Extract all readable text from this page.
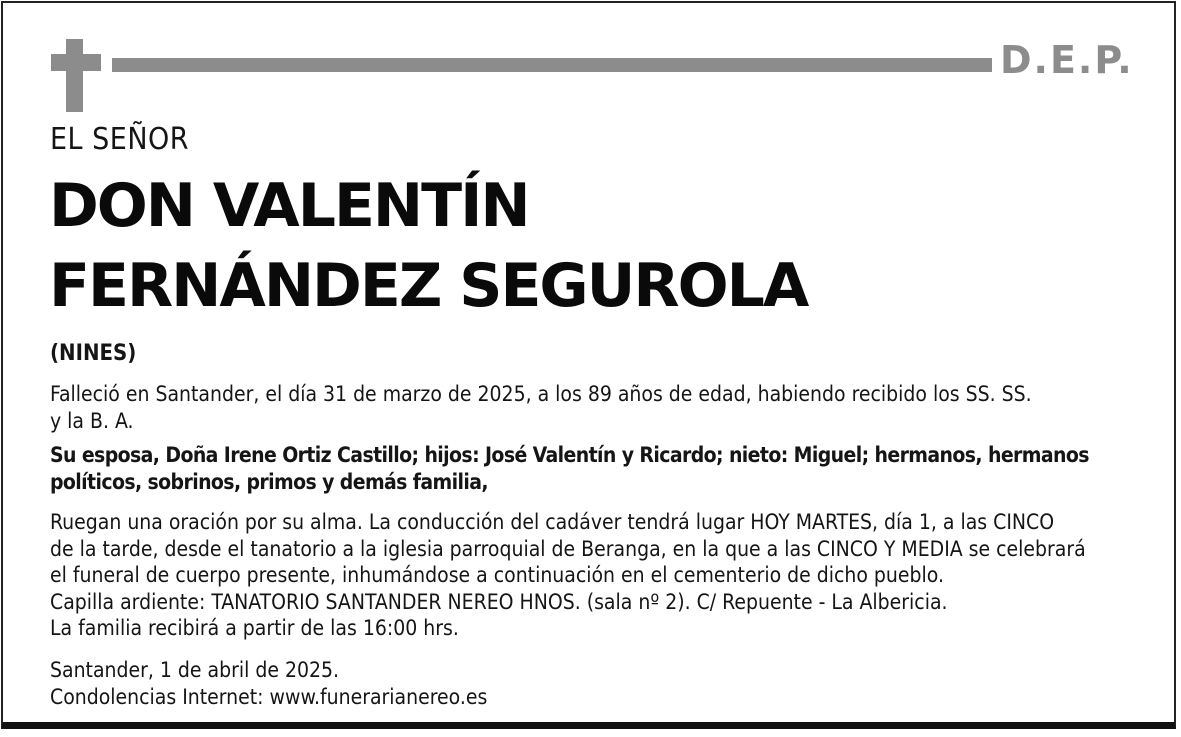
D.E.P.
EL SEÑOR
DON VALENTÍN
FERNÁNDEZ SEGUROLA
(NINES)
Falleció en Santander, el día 31 de marzo de 2025, a los 89 años de edad, habiendo recibido los SS. SS.
y la B. A.
Su esposa, Doña Irene Ortiz Castillo; hijos: José Valentín y Ricardo; nieto: Miguel; hermanos, hermanos
políticos, sobrinos, primos y demás familia,
Ruegan una oración por su alma. La conducción del cadáver tendrá lugar HOY MARTES, día 1, a las CINCO
de la tarde, desde el tanatorio a la iglesia parroquial de Beranga, en la que a las CINCO Y MEDIA se celebrará
el funeral de cuerpo presente, inhumándose a continuación en el cementerio de dicho pueblo.
Capilla ardiente: TANATORIO SANTANDER NEREO HNOS. (sala nº 2). C/ Repuente - La Albericia.
La familia recibirá a partir de las 16:00 hrs.
Santander, 1 de abril de 2025.
Condolencias Internet: www.funerarianereo.es
